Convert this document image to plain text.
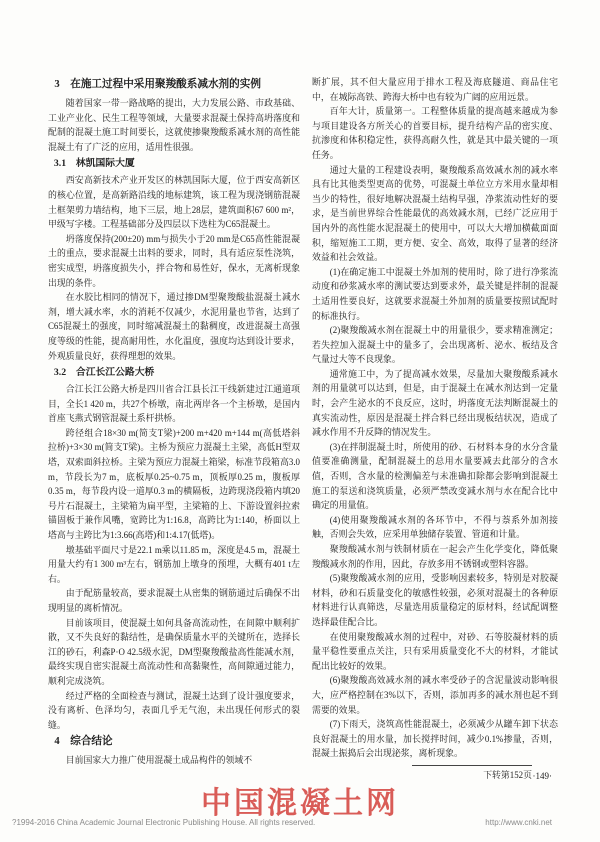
3　在施工过程中采用聚羧酸系减水剂的实例

随着国家一带一路战略的提出，大力发展公路、市政基础、工业产业化、民生工程等领域，大量要求混凝土保持高坍落度和配制的混凝土施工时间要长，这就使掺聚羧酸系减水剂的高性能混凝土有了广泛的应用，适用性很强。

3.1　林凯国际大厦

西安高新技术产业开发区的林凯国际大厦，位于西安高新区的核心位置，是高新路沿线的地标建筑，该工程为现浇钢筋混凝土框架剪力墙结构，地下三层，地上28层，建筑面积67 600 m²，甲级写字楼。工程基础部分及四层以下选柱为C65混凝土。

坍落度保持(200±20) mm与损失小于20 mm是C65高性能混凝土的重点，要求混凝土出料的要求，同时，具有适应泵性浇筑，密实成型，坍落度损失小，拌合物和易性好，保水，无离析现象出现的条件。

在水胶比相同的情况下，通过掺DM型聚羧酸盐混凝土减水剂，增大减水率，水的消耗不仅减少，水泥用量也节省，达到了C65混凝土的强度，同时缩减混凝土的黏稠度，改进混凝土高强度等级的性能，提高耐用性，水化温度，强度均达到设计要求，外观质量良好，获得理想的效果。

3.2　合江长江公路大桥

合江长江公路大桥是四川省合江县长江干线新建过江通道项目，全长1 420 m，共27个桥墩，南北两岸各一个主桥墩，是国内首座飞燕式钢管混凝土系杆拱桥。

跨径组合18×30 m(简支T梁)+200 m+420 m+144 m(高低塔斜拉桥)+3×30 m(简支T梁)。主桥为预应力混凝土主梁，高低H型双塔，双索面斜拉桥。主梁为预应力混凝土箱梁，标准节段箱高3.0 m，节段长为7 m，底板厚0.25~0.75 m，顶板厚0.25 m，腹板厚0.35 m，每节段内设一道厚0.3 m的横隔板，边跨现浇段箱内填20号片石混凝土，主梁箱为扁平型，主梁箱的上、下游设置斜拉索锚固板于兼作风嘴，宽跨比为1:16.8，高跨比为1:140，桥面以上塔高与主跨比为1:3.66(高塔)和1:4.17(低塔)。

墩基础平面尺寸是22.1 m乘以11.85 m，深度是4.5 m，混凝土用量大约有1 300 m³左右，钢筋加上墩身的预埋，大概有401 t左右。

由于配筋量较高，要求混凝土从密集的钢筋通过后确保不出现明显的离析情况。

目前该项目，使混凝土如何具备高流动性，在间隙中顺利扩散，又不失良好的黏结性，是确保质量水平的关键所在，选择长江的砂石，利森P·O 42.5级水泥，DM型聚羧酸盐高性能减水剂，最终实现自密实混凝土高流动性和高黏聚性，高间隙通过能力，顺利完成浇筑。

经过严格的全面检查与测试，混凝土达到了设计强度要求，没有离析、色泽均匀，表面几乎无气泡，未出现任何形式的裂缝。

4　综合结论

目前国家大力推广使用混凝土成品构件的领域不

断扩展，其不但大量应用于排水工程及海底隧道、商品住宅中，在城际高铁、跨海大桥中也有较为广阔的应用远景。

百年大计，质量第一。工程整体质量的提高越来越成为参与项目建设各方所关心的首要目标，提升结构产品的密实度、抗渗度和体积稳定性，获得高耐久性，就是其中最关键的一项任务。

通过大量的工程建设表明，聚羧酸系高效减水剂的减水率具有比其他类型更高的优势，可混凝土单位立方米用水量却相当少的特性，很好地解决混凝土结构早强，净浆流动性好的要求，是当前世界综合性能最优的高效减水剂，已经广泛应用于国内外的高性能水泥混凝土的使用中，可以大大增加横截面面积，缩短施工工期，更方便、安全、高效，取得了显著的经济效益和社会效益。

(1)在确定施工中混凝土外加剂的使用时，除了进行净浆流动度和砂浆减水率的测试要达到要求外，最关键是拌制的混凝土适用性要良好，这就要求混凝土外加剂的质量要按照试配时的标准执行。

(2)聚羧酸减水剂在混凝土中的用量很少，要求精准测定；若失控加入混凝土中的量多了，会出现离析、泌水、板结及含气量过大等不良现象。

通常施工中，为了提高减水效果，尽量加大聚羧酸系减水剂的用量就可以达到，但是，由于混凝土在减水剂达到一定量时，会产生泌水的不良反应，这时，坍落度无法判断混凝土的真实流动性，原因是混凝土拌合料已经出现板结状况，造成了减水作用不升反降的情况发生。

(3)在拌制混凝土时，所使用的砂、石材料本身的水分含量值要准确测量，配制混凝土的总用水量要减去此部分的含水值，否则，含水量的检测偏差与未准确扣除都会影响到混凝土施工的泵送和浇筑质量，必须严禁改变减水剂与水在配合比中确定的用量值。

(4)使用聚羧酸减水剂的各环节中，不得与萘系外加剂接触，否则会失效，应采用单独储存装置、管道和计量。

聚羧酸减水剂与铁制材质在一起会产生化学变化，降低聚羧酸减水剂的作用，因此，存放多用不锈钢或塑料容器。

(5)聚羧酸减水剂的应用，受影响因素较多，特别是对胶凝材料，砂和石质量变化的敏感性较强，必须对混凝土的各种原材料进行认真筛选，尽量选用质量稳定的原材料，经试配调整选择最佳配合比。

在使用聚羧酸减水剂的过程中，对砂、石等胶凝材料的质量平稳性要重点关注，只有采用质量变化不大的材料，才能试配出比较好的效果。

(6)聚羧酸高效减水剂的减水率受砂子的含泥量波动影响很大，应严格控制在3%以下，否则，添加再多的减水剂也起不到需要的效果。

(7)下雨天，浇筑高性能混凝土，必须减少从罐车卸下状态良好混凝土的用水量，加长搅拌时间，减少0.1%掺量，否则，混凝土振捣后会出现泌浆，离析现象。

下转第152页 ·149·
中国混凝土网
?1994-2016 China Academic Journal Electronic Publishing House. All rights reserved.	http://www.cnki.net
